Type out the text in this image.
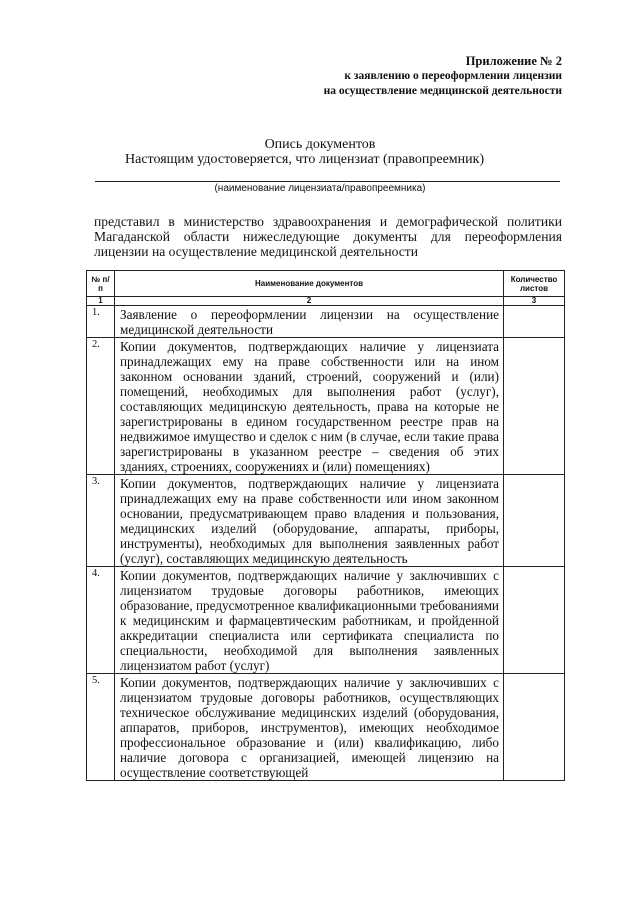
Приложение № 2
к заявлению о переоформлении лицензии
на осуществление медицинской деятельности
Опись документов
Настоящим удостоверяется, что лицензиат (правопреемник)
(наименование лицензиата/правопреемника)
представил в министерство здравоохранения и демографической политики Магаданской области нижеследующие документы для переоформления лицензии на осуществление медицинской деятельности
№ п/п	Наименование документов	Количество листов
1	2	3
1.	Заявление о переоформлении лицензии на осуществление медицинской деятельности	
2.	Копии документов, подтверждающих наличие у лицензиата принадлежащих ему на праве собственности или на ином законном основании зданий, строений, сооружений и (или) помещений, необходимых для выполнения работ (услуг), составляющих медицинскую деятельность, права на которые не зарегистрированы в едином государственном реестре прав на недвижимое имущество и сделок с ним (в случае, если такие права зарегистрированы в указанном реестре – сведения об этих зданиях, строениях, сооружениях и (или) помещениях)	
3.	Копии документов, подтверждающих наличие у лицензиата принадлежащих ему на праве собственности или ином законном основании, предусматривающем право владения и пользования, медицинских изделий (оборудование, аппараты, приборы, инструменты), необходимых для выполнения заявленных работ (услуг), составляющих медицинскую деятельность	
4.	Копии документов, подтверждающих наличие у заключивших с лицензиатом трудовые договоры работников, имеющих образование, предусмотренное квалификационными требованиями к медицинским и фармацевтическим работникам, и пройденной аккредитации специалиста или сертификата специалиста по специальности, необходимой для выполнения заявленных лицензиатом работ (услуг)	
5.	Копии документов, подтверждающих наличие у заключивших с лицензиатом трудовые договоры работников, осуществляющих техническое обслуживание медицинских изделий (оборудования, аппаратов, приборов, инструментов), имеющих необходимое профессиональное образование и (или) квалификацию, либо наличие договора с организацией, имеющей лицензию на осуществление соответствующей	
